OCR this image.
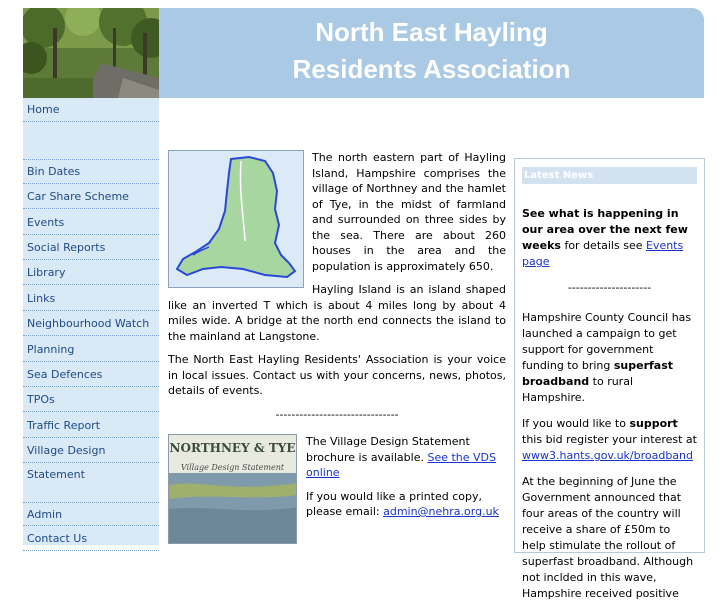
North East Hayling
Residents Association
Home
Bin Dates
Car Share Scheme
Events
Social Reports
Library
Links
Neighbourhood Watch
Planning
Sea Defences
TPOs
Traffic Report
Village Design Statement
Admin
Contact Us

The north eastern part of Hayling Island, Hampshire comprises the village of Northney and the hamlet of Tye, in the midst of farmland and surrounded on three sides by the sea. There are about 260 houses in the area and the population is approximately 650.

Hayling Island is an island shaped like an inverted T which is about 4 miles long by about 4 miles wide. A bridge at the north end connects the island to the mainland at Langstone.

The North East Hayling Residents' Association is your voice in local issues. Contact us with your concerns, news, photos, details of events.

-------------------------------
NORTHNEY & TYE
Village Design Statement

The Village Design Statement brochure is available. See the VDS online

If you would like a printed copy, please email: admin@nehra.org.uk

Latest News

See what is happening in our area over the next few weeks for details see Events page

---------------------

Hampshire County Council has launched a campaign to get support for government funding to bring superfast broadband to rural Hampshire.

If you would like to support this bid register your interest at www3.hants.gov.uk/broadband

At the beginning of June the Government announced that four areas of the country will receive a share of £50m to help stimulate the rollout of superfast broadband. Although not inclded in this wave, Hampshire received positive
